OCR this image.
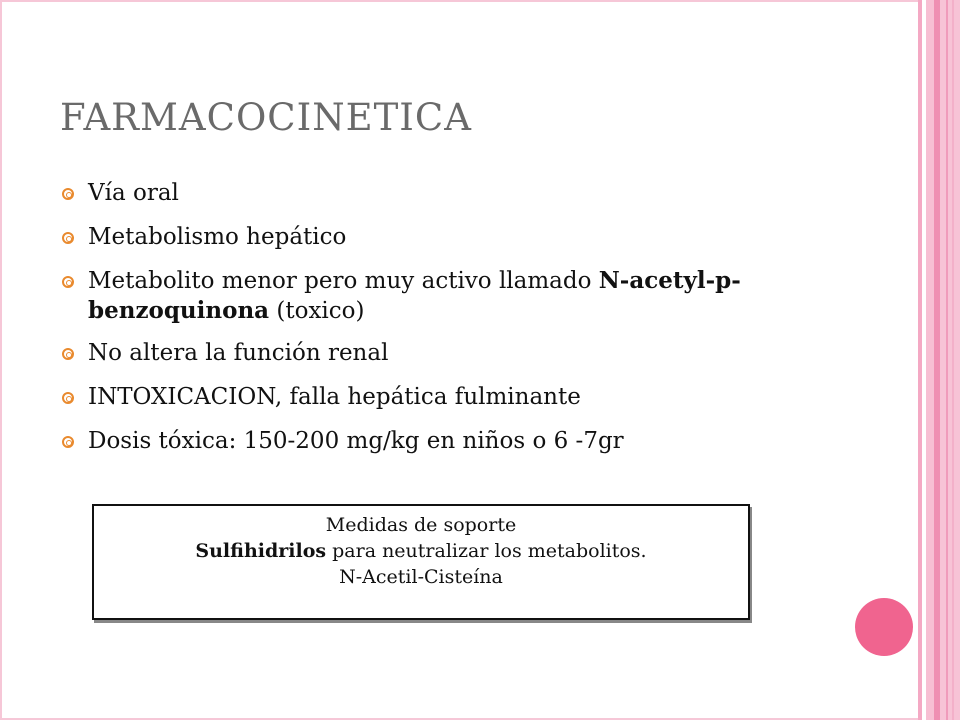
FARMACOCINETICA
Vía oral
Metabolismo hepático
Metabolito menor pero muy activo llamado N-acetyl-p-benzoquinona (toxico)
No altera la función renal
INTOXICACION, falla hepática fulminante
Dosis tóxica: 150-200 mg/kg en niños o 6 -7gr
Medidas de soporte
Sulfihidrilos para neutralizar los metabolitos.
N-Acetil-Cisteína
